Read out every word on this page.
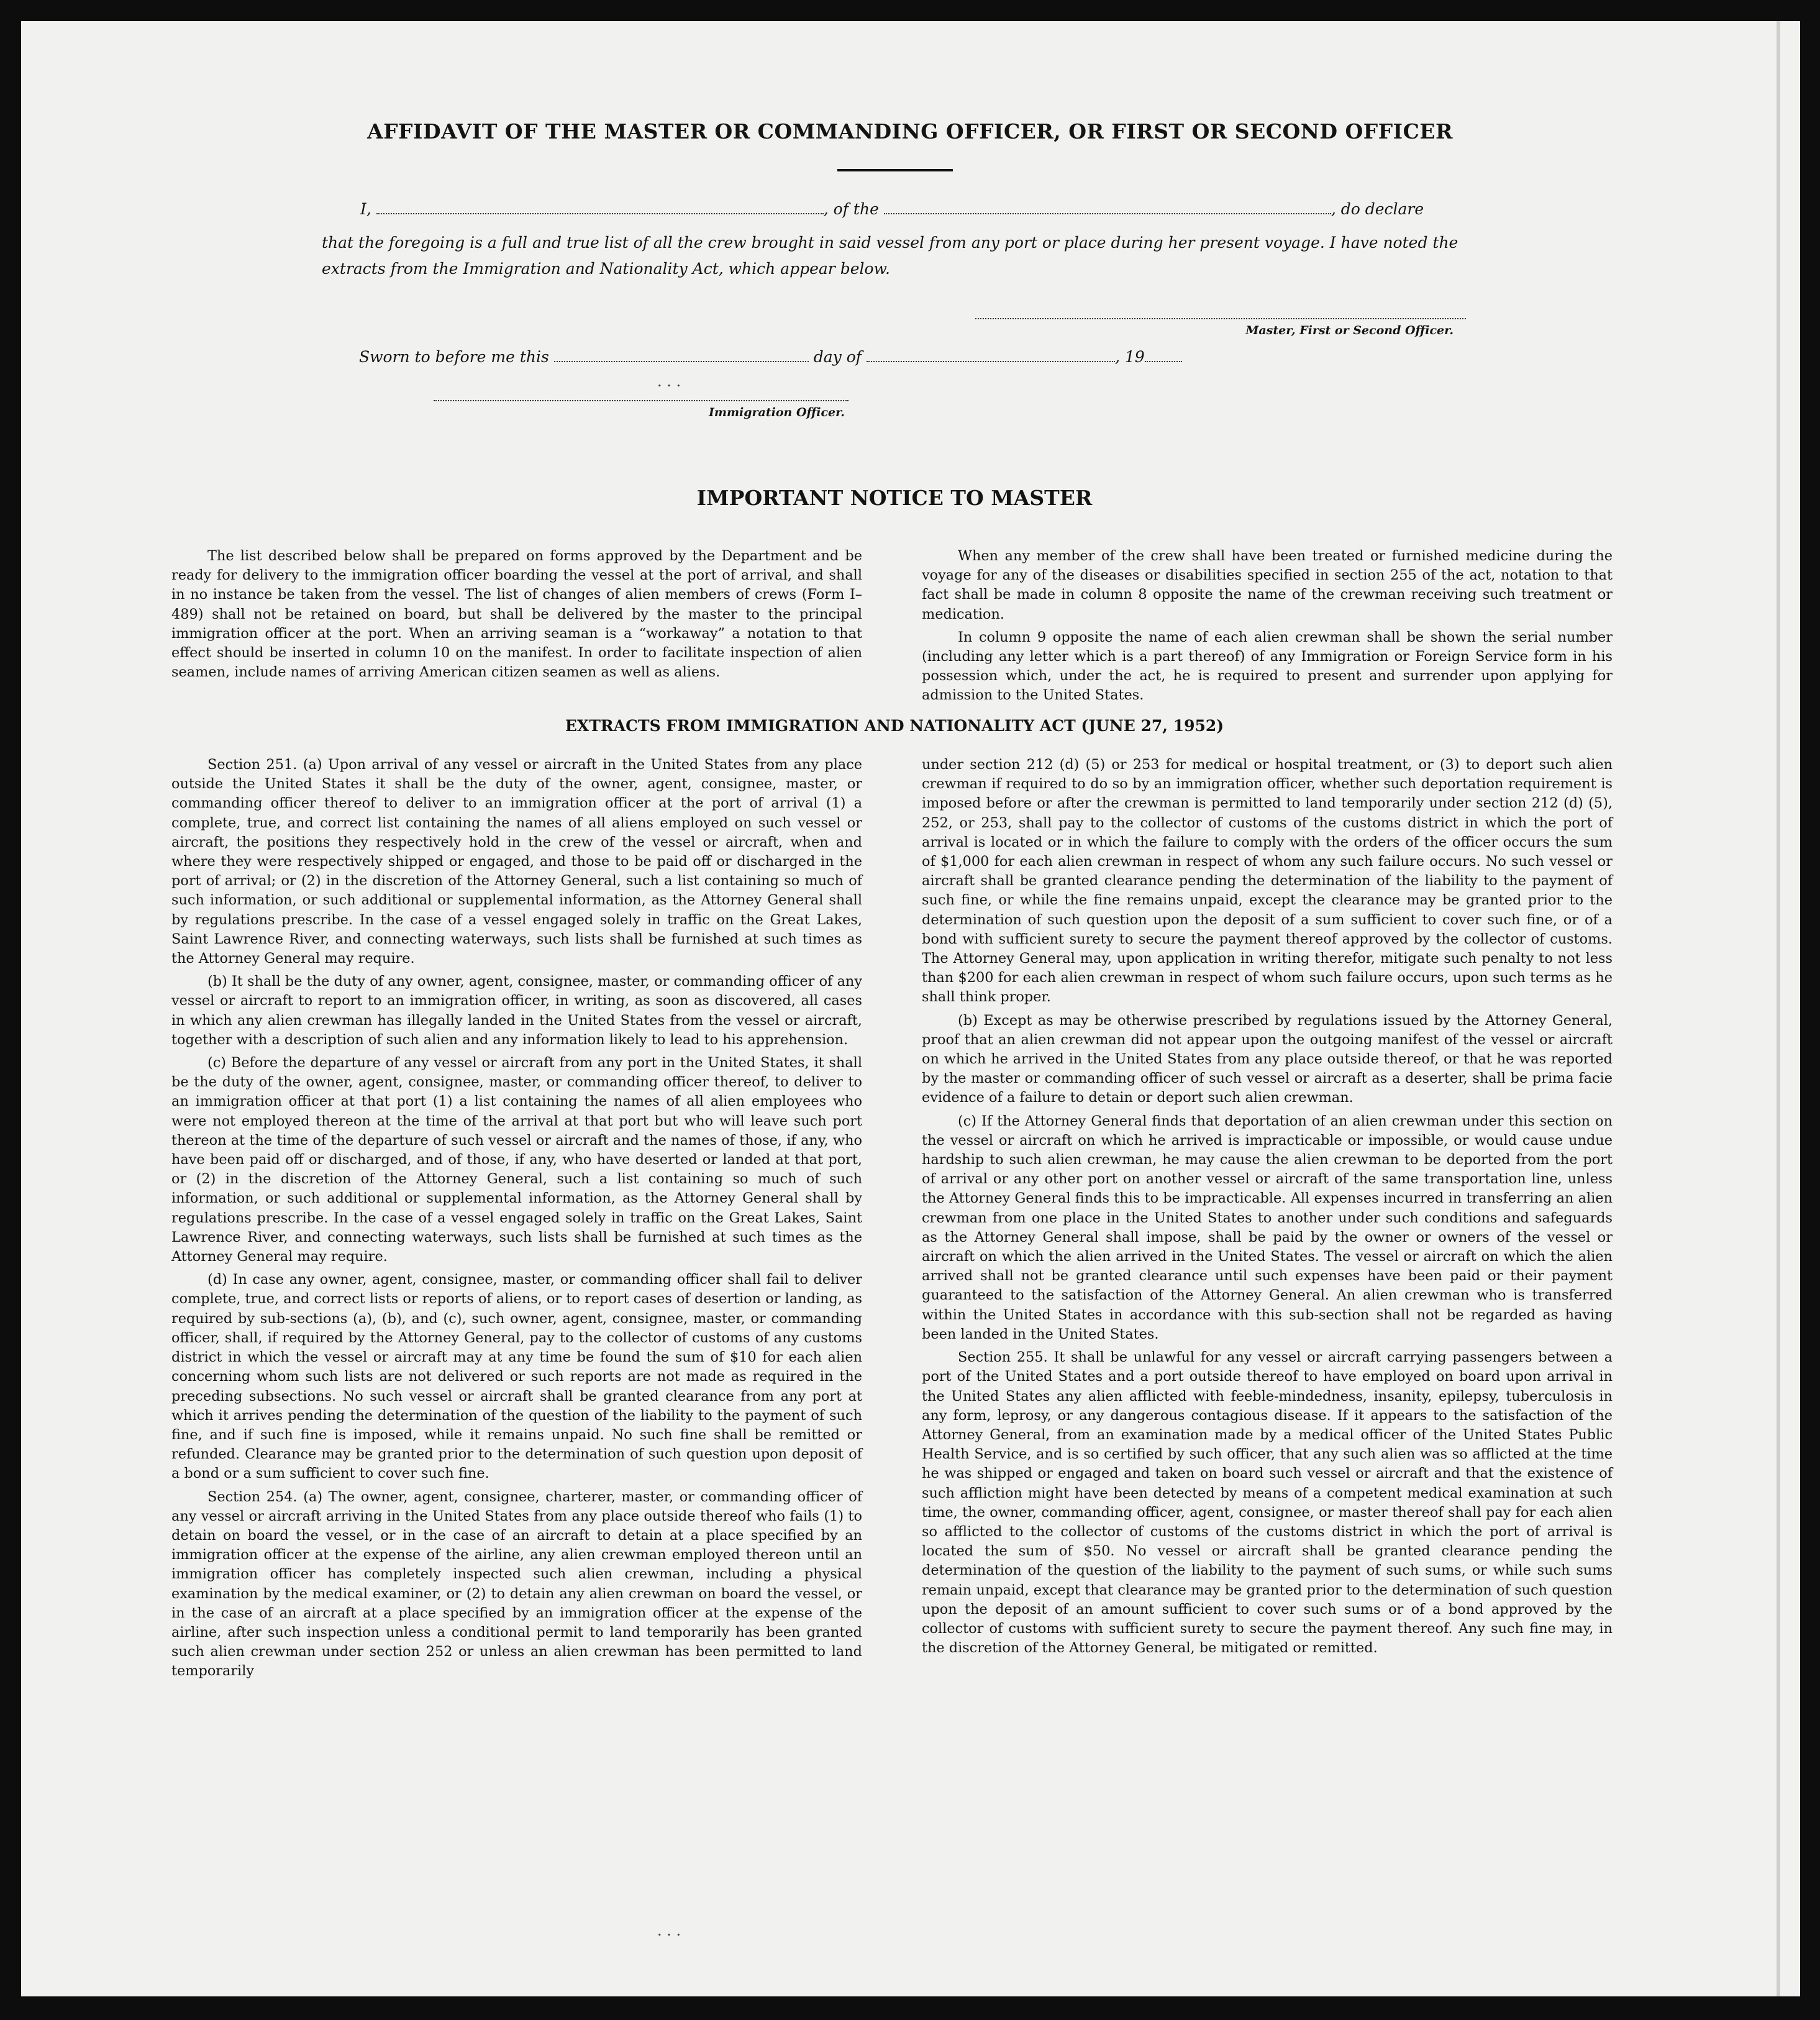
AFFIDAVIT OF THE MASTER OR COMMANDING OFFICER, OR FIRST OR SECOND OFFICER
I,	, of the	, do declare
that the foregoing is a full and true list of all the crew brought in said vessel from any port or place during her present voyage. I have noted the extracts from the Immigration and Nationality Act, which appear below.
Master, First or Second Officer.
Sworn to before me this	day of	, 19
. . .
Immigration Officer.
IMPORTANT NOTICE TO MASTER

The list described below shall be prepared on forms approved by the Department and be ready for delivery to the immigration officer boarding the vessel at the port of arrival, and shall in no instance be taken from the vessel. The list of changes of alien members of crews (Form I–489) shall not be retained on board, but shall be delivered by the master to the principal immigration officer at the port. When an arriving seaman is a “workaway” a notation to that effect should be inserted in column 10 on the manifest. In order to facilitate inspection of alien seamen, include names of arriving American citizen seamen as well as aliens.

When any member of the crew shall have been treated or furnished medicine during the voyage for any of the diseases or disabilities specified in section 255 of the act, notation to that fact shall be made in column 8 opposite the name of the crewman receiving such treatment or medication.

In column 9 opposite the name of each alien crewman shall be shown the serial number (including any letter which is a part thereof) of any Immigration or Foreign Service form in his possession which, under the act, he is required to present and surrender upon applying for admission to the United States.

EXTRACTS FROM IMMIGRATION AND NATIONALITY ACT (JUNE 27, 1952)

Section 251. (a) Upon arrival of any vessel or aircraft in the United States from any place outside the United States it shall be the duty of the owner, agent, consignee, master, or commanding officer thereof to deliver to an immigration officer at the port of arrival (1) a complete, true, and correct list containing the names of all aliens employed on such vessel or aircraft, the positions they respectively hold in the crew of the vessel or aircraft, when and where they were respectively shipped or engaged, and those to be paid off or discharged in the port of arrival; or (2) in the discretion of the Attorney General, such a list containing so much of such information, or such additional or supplemental information, as the Attorney General shall by regulations prescribe. In the case of a vessel engaged solely in traffic on the Great Lakes, Saint Lawrence River, and connecting waterways, such lists shall be furnished at such times as the Attorney General may require.

(b) It shall be the duty of any owner, agent, consignee, master, or commanding officer of any vessel or aircraft to report to an immigration officer, in writing, as soon as discovered, all cases in which any alien crewman has illegally landed in the United States from the vessel or aircraft, together with a description of such alien and any information likely to lead to his apprehension.

(c) Before the departure of any vessel or aircraft from any port in the United States, it shall be the duty of the owner, agent, consignee, master, or commanding officer thereof, to deliver to an immigration officer at that port (1) a list containing the names of all alien employees who were not employed thereon at the time of the arrival at that port but who will leave such port thereon at the time of the departure of such vessel or aircraft and the names of those, if any, who have been paid off or discharged, and of those, if any, who have deserted or landed at that port, or (2) in the discretion of the Attorney General, such a list containing so much of such information, or such additional or supplemental information, as the Attorney General shall by regulations prescribe. In the case of a vessel engaged solely in traffic on the Great Lakes, Saint Lawrence River, and connecting waterways, such lists shall be furnished at such times as the Attorney General may require.

(d) In case any owner, agent, consignee, master, or commanding officer shall fail to deliver complete, true, and correct lists or reports of aliens, or to report cases of desertion or landing, as required by sub-sections (a), (b), and (c), such owner, agent, consignee, master, or commanding officer, shall, if required by the Attorney General, pay to the collector of customs of any customs district in which the vessel or aircraft may at any time be found the sum of $10 for each alien concerning whom such lists are not delivered or such reports are not made as required in the preceding subsections. No such vessel or aircraft shall be granted clearance from any port at which it arrives pending the determination of the question of the liability to the payment of such fine, and if such fine is imposed, while it remains unpaid. No such fine shall be remitted or refunded. Clearance may be granted prior to the determination of such question upon deposit of a bond or a sum sufficient to cover such fine.

Section 254. (a) The owner, agent, consignee, charterer, master, or commanding officer of any vessel or aircraft arriving in the United States from any place outside thereof who fails (1) to detain on board the vessel, or in the case of an aircraft to detain at a place specified by an immigration officer at the expense of the airline, any alien crewman employed thereon until an immigration officer has completely inspected such alien crewman, including a physical examination by the medical examiner, or (2) to detain any alien crewman on board the vessel, or in the case of an aircraft at a place specified by an immigration officer at the expense of the airline, after such inspection unless a conditional permit to land temporarily has been granted such alien crewman under section 252 or unless an alien crewman has been permitted to land temporarily

under section 212 (d) (5) or 253 for medical or hospital treatment, or (3) to deport such alien crewman if required to do so by an immigration officer, whether such deportation requirement is imposed before or after the crewman is permitted to land temporarily under section 212 (d) (5), 252, or 253, shall pay to the collector of customs of the customs district in which the port of arrival is located or in which the failure to comply with the orders of the officer occurs the sum of $1,000 for each alien crewman in respect of whom any such failure occurs. No such vessel or aircraft shall be granted clearance pending the determination of the liability to the payment of such fine, or while the fine remains unpaid, except the clearance may be granted prior to the determination of such question upon the deposit of a sum sufficient to cover such fine, or of a bond with sufficient surety to secure the payment thereof approved by the collector of customs. The Attorney General may, upon application in writing therefor, mitigate such penalty to not less than $200 for each alien crewman in respect of whom such failure occurs, upon such terms as he shall think proper.

(b) Except as may be otherwise prescribed by regulations issued by the Attorney General, proof that an alien crewman did not appear upon the outgoing manifest of the vessel or aircraft on which he arrived in the United States from any place outside thereof, or that he was reported by the master or commanding officer of such vessel or aircraft as a deserter, shall be prima facie evidence of a failure to detain or deport such alien crewman.

(c) If the Attorney General finds that deportation of an alien crewman under this section on the vessel or aircraft on which he arrived is impracticable or impossible, or would cause undue hardship to such alien crewman, he may cause the alien crewman to be deported from the port of arrival or any other port on another vessel or aircraft of the same transportation line, unless the Attorney General finds this to be impracticable. All expenses incurred in transferring an alien crewman from one place in the United States to another under such conditions and safeguards as the Attorney General shall impose, shall be paid by the owner or owners of the vessel or aircraft on which the alien arrived in the United States. The vessel or aircraft on which the alien arrived shall not be granted clearance until such expenses have been paid or their payment guaranteed to the satisfaction of the Attorney General. An alien crewman who is transferred within the United States in accordance with this sub-section shall not be regarded as having been landed in the United States.

Section 255. It shall be unlawful for any vessel or aircraft carrying passengers between a port of the United States and a port outside thereof to have employed on board upon arrival in the United States any alien afflicted with feeble-mindedness, insanity, epilepsy, tuberculosis in any form, leprosy, or any dangerous contagious disease. If it appears to the satisfaction of the Attorney General, from an examination made by a medical officer of the United States Public Health Service, and is so certified by such officer, that any such alien was so afflicted at the time he was shipped or engaged and taken on board such vessel or aircraft and that the existence of such affliction might have been detected by means of a competent medical examination at such time, the owner, commanding officer, agent, consignee, or master thereof shall pay for each alien so afflicted to the collector of customs of the customs district in which the port of arrival is located the sum of $50. No vessel or aircraft shall be granted clearance pending the determination of the question of the liability to the payment of such sums, or while such sums remain unpaid, except that clearance may be granted prior to the determination of such question upon the deposit of an amount sufficient to cover such sums or of a bond approved by the collector of customs with sufficient surety to secure the payment thereof. Any such fine may, in the discretion of the Attorney General, be mitigated or remitted.

. . .
